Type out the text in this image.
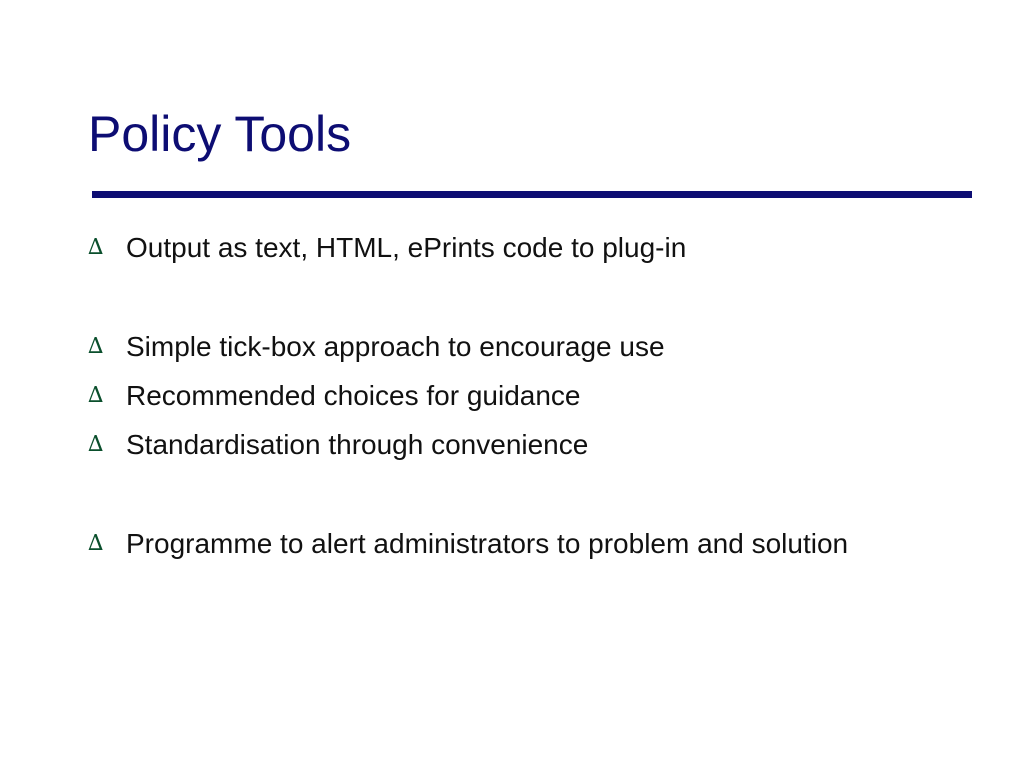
Policy Tools
∆ Output as text, HTML, ePrints code to plug-in
∆ Simple tick-box approach to encourage use
∆ Recommended choices for guidance
∆ Standardisation through convenience
∆ Programme to alert administrators to problem and solution
